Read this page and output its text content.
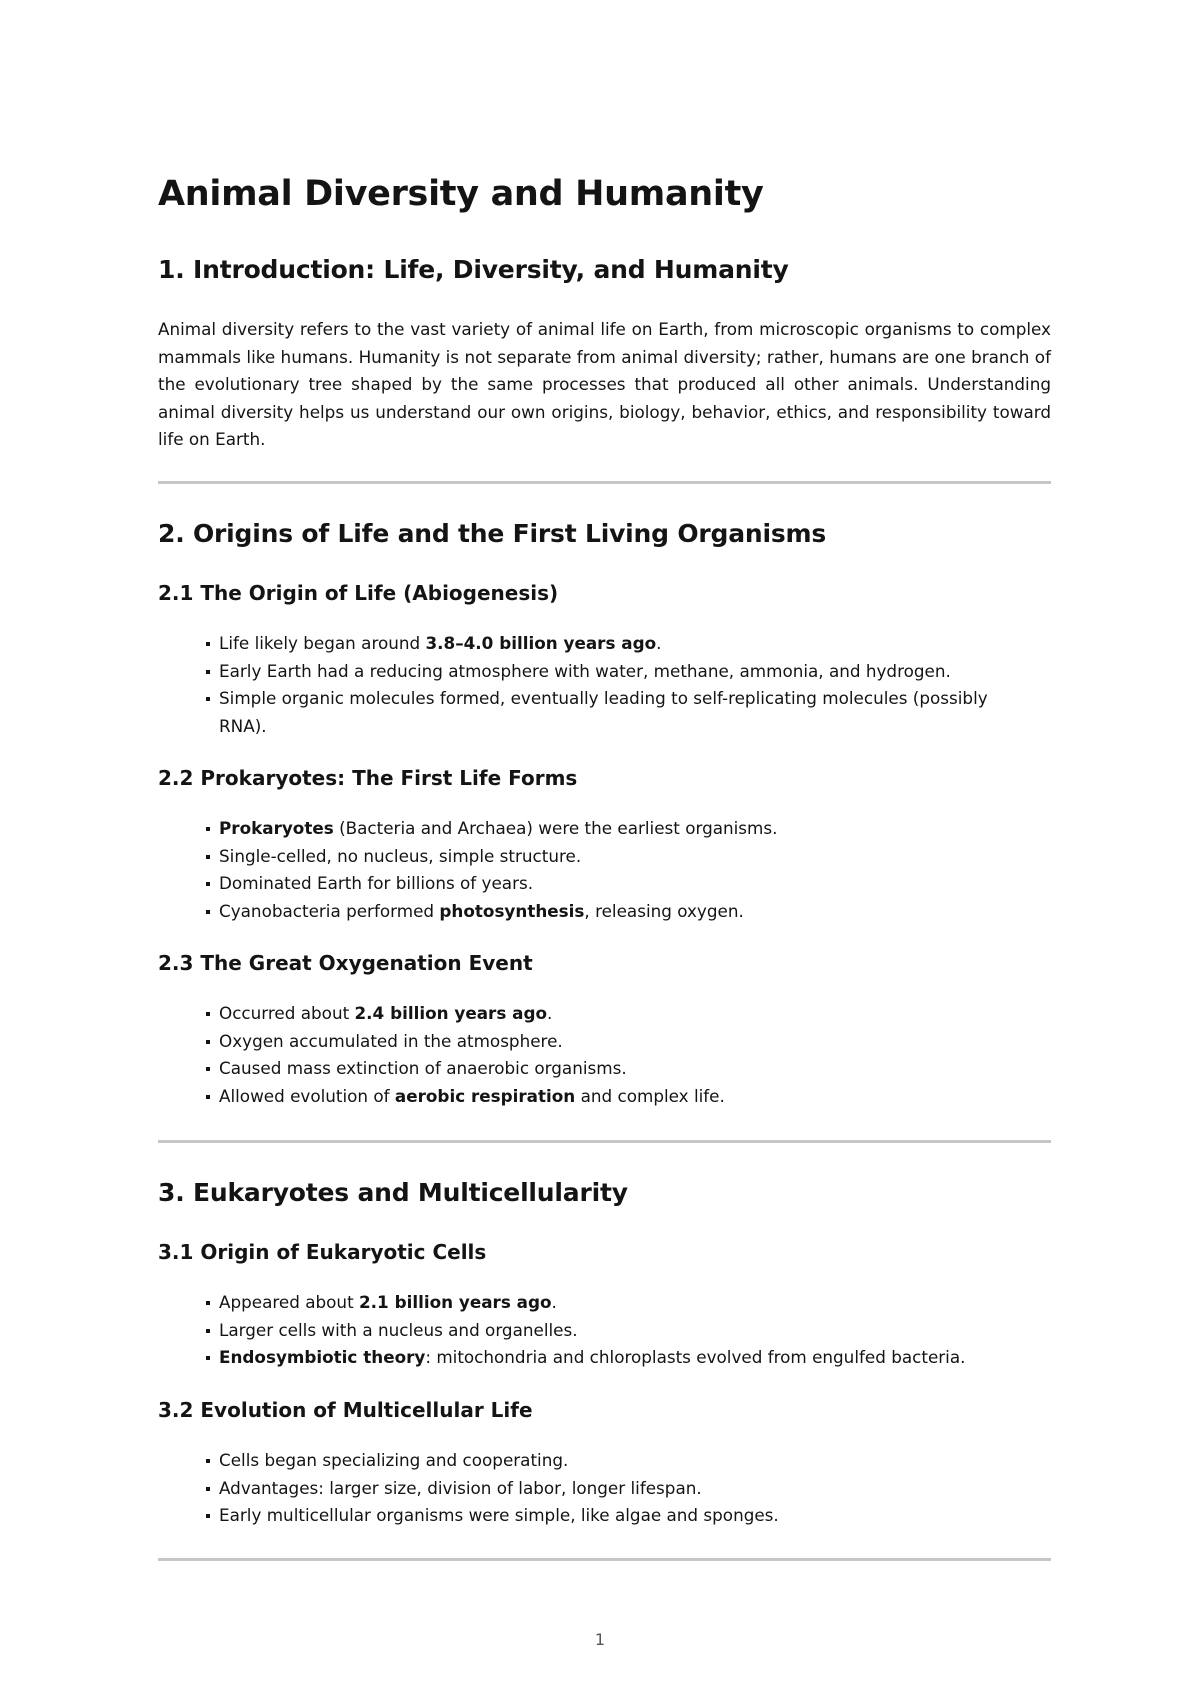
Animal Diversity and Humanity
1. Introduction: Life, Diversity, and Humanity

Animal diversity refers to the vast variety of animal life on Earth, from microscopic organisms to complex mammals like humans. Humanity is not separate from animal diversity; rather, humans are one branch of the evolutionary tree shaped by the same processes that produced all other animals. Understanding animal diversity helps us understand our own origins, biology, behavior, ethics, and responsibility toward life on Earth.

2. Origins of Life and the First Living Organisms
2.1 The Origin of Life (Abiogenesis)
Life likely began around 3.8–4.0 billion years ago.
Early Earth had a reducing atmosphere with water, methane, ammonia, and hydrogen.
Simple organic molecules formed, eventually leading to self-replicating molecules (possibly RNA).
2.2 Prokaryotes: The First Life Forms
Prokaryotes (Bacteria and Archaea) were the earliest organisms.
Single-celled, no nucleus, simple structure.
Dominated Earth for billions of years.
Cyanobacteria performed photosynthesis, releasing oxygen.
2.3 The Great Oxygenation Event
Occurred about 2.4 billion years ago.
Oxygen accumulated in the atmosphere.
Caused mass extinction of anaerobic organisms.
Allowed evolution of aerobic respiration and complex life.
3. Eukaryotes and Multicellularity
3.1 Origin of Eukaryotic Cells
Appeared about 2.1 billion years ago.
Larger cells with a nucleus and organelles.
Endosymbiotic theory: mitochondria and chloroplasts evolved from engulfed bacteria.
3.2 Evolution of Multicellular Life
Cells began specializing and cooperating.
Advantages: larger size, division of labor, longer lifespan.
Early multicellular organisms were simple, like algae and sponges.
1
